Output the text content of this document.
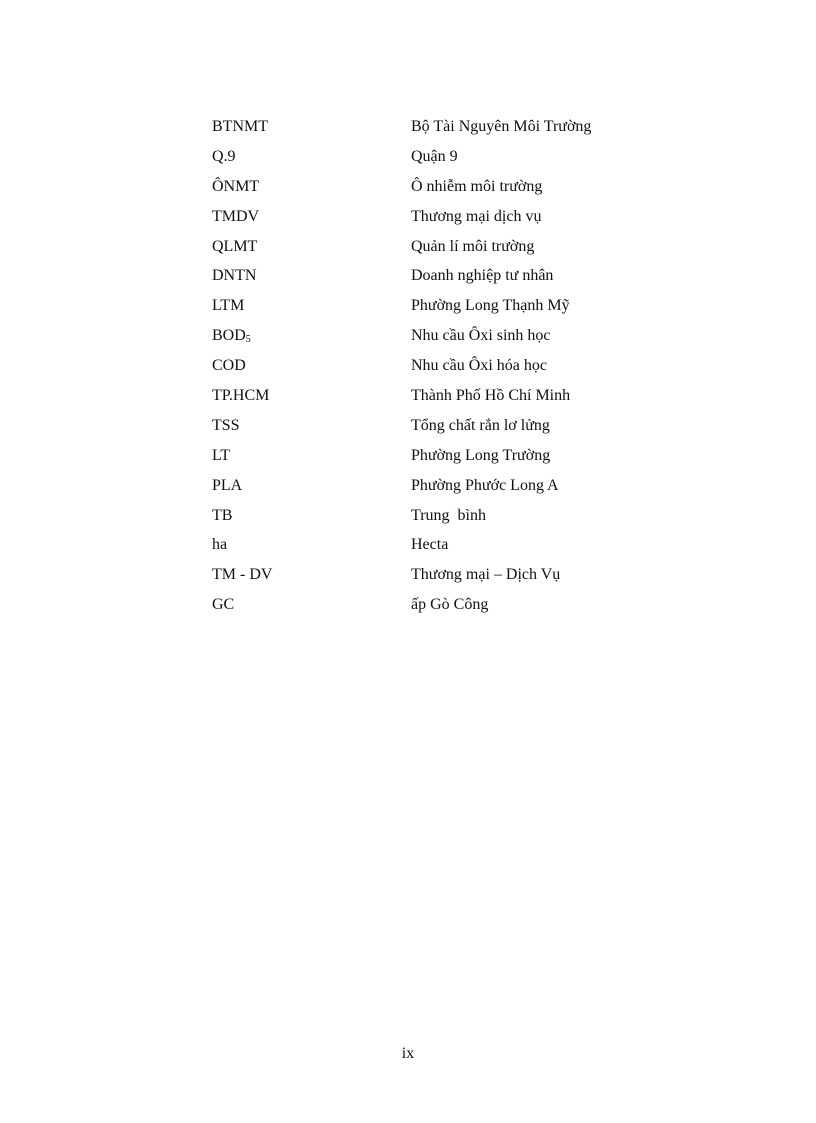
BTNMT	Bộ Tài Nguyên Môi Trường
Q.9	Quận 9
ÔNMT	Ô nhiễm môi trường
TMDV	Thương mại dịch vụ
QLMT	Quản lí môi trường
DNTN	Doanh nghiệp tư nhân
LTM	Phường Long Thạnh Mỹ
$BOD_5$	Nhu cầu Ôxi sinh học
COD	Nhu cầu Ôxi hóa học
TP.HCM	Thành Phố Hồ Chí Minh
TSS	Tổng chất rắn lơ lửng
LT	Phường Long Trường
PLA	Phường Phước Long A
TB	Trung  bình
ha	Hecta
TM - DV	Thương mại – Dịch Vụ
GC	ấp Gò Công
ix
